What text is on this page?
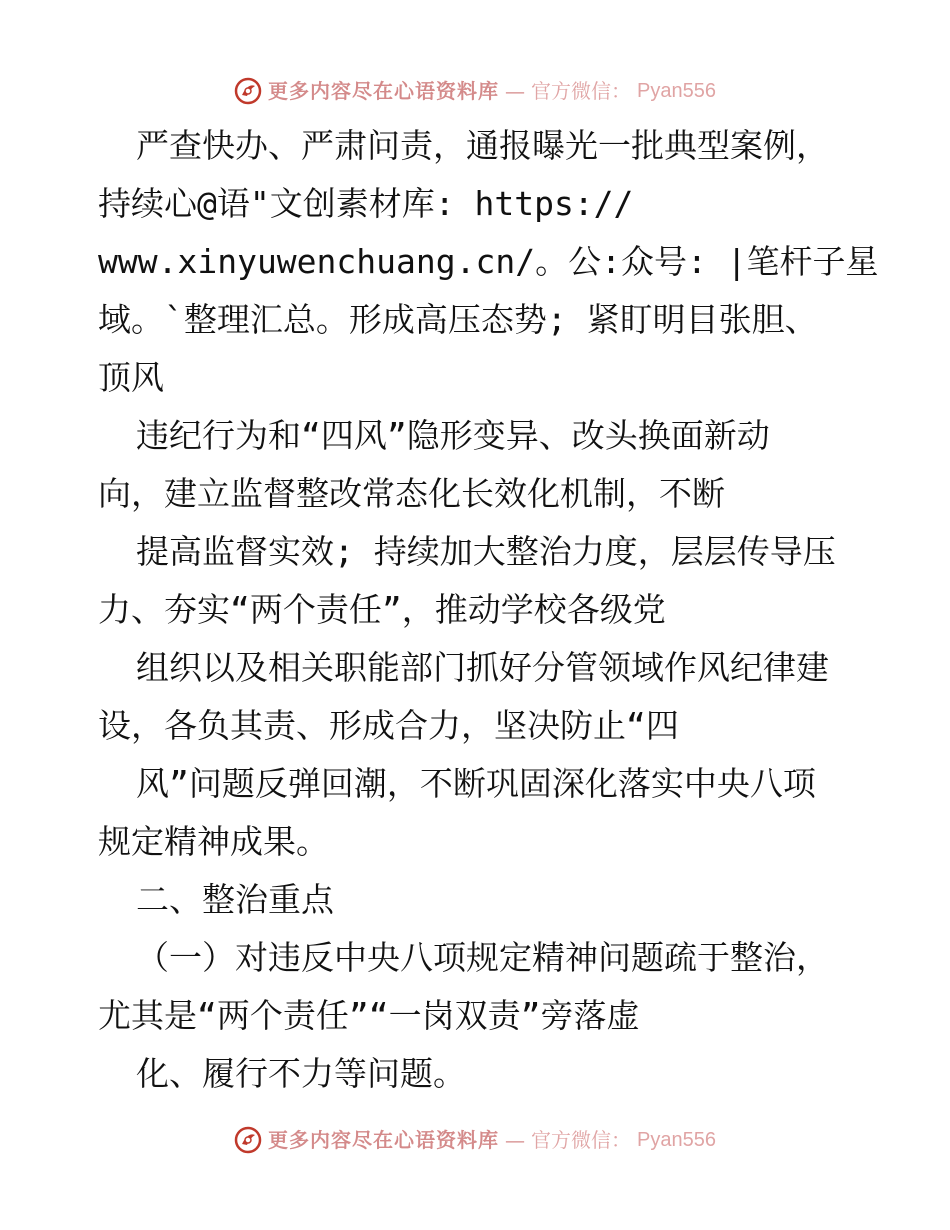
更多内容尽在心语资料库 — 官方微信： Pyan556
严查快办、严肃问责，通报曝光一批典型案例，
持续心@语"文创素材库: https://
www.xinyuwenchuang.cn/。公:众号: |笔杆子星
域。`整理汇总。形成高压态势; 紧盯明目张胆、
顶风
违纪行为和“四风”隐形变异、改头换面新动
向，建立监督整改常态化长效化机制，不断
提高监督实效; 持续加大整治力度，层层传导压
力、夯实“两个责任”，推动学校各级党
组织以及相关职能部门抓好分管领域作风纪律建
设，各负其责、形成合力，坚决防止“四
风”问题反弹回潮，不断巩固深化落实中央八项
规定精神成果。
二、整治重点
（一）对违反中央八项规定精神问题疏于整治，
尤其是“两个责任”“一岗双责”旁落虚
化、履行不力等问题。
更多内容尽在心语资料库 — 官方微信： Pyan556
